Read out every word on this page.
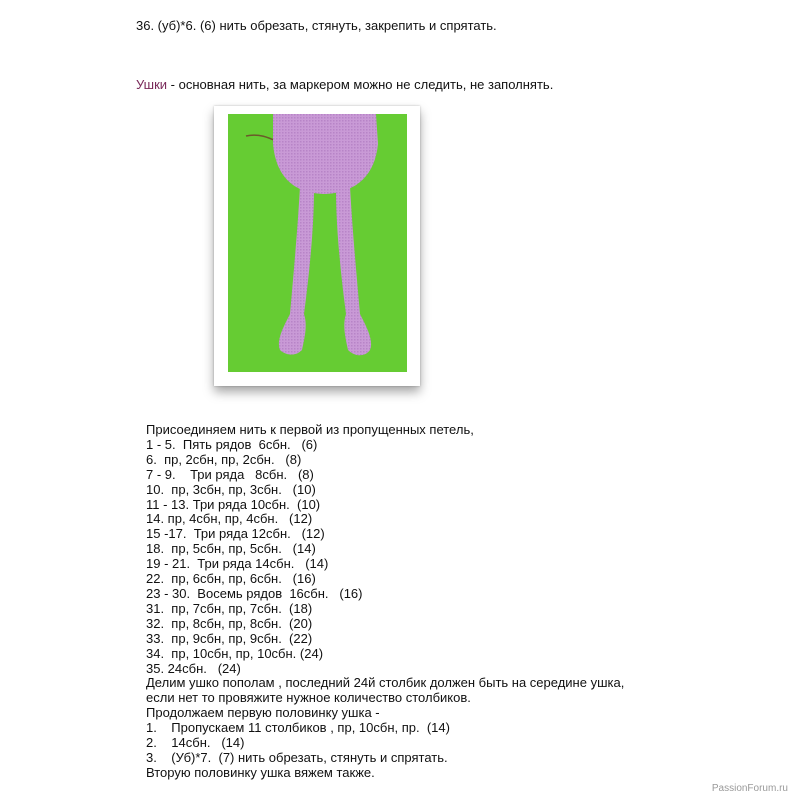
36. (уб)*6. (6) нить обрезать, стянуть, закрепить и спрятать.
Ушки - основная нить, за маркером можно не следить, не заполнять.
Присоединяем нить к первой из пропущенных петель,
1 - 5.  Пять рядов  6сбн.   (6)
6.  пр, 2сбн, пр, 2сбн.   (8)
7 - 9.    Три ряда   8сбн.   (8)
10.  пр, 3сбн, пр, 3сбн.   (10)
11 - 13. Три ряда 10сбн.  (10)
14. пр, 4сбн, пр, 4сбн.   (12)
15 -17.  Три ряда 12сбн.   (12)
18.  пр, 5сбн, пр, 5сбн.   (14)
19 - 21.  Три ряда 14сбн.   (14)
22.  пр, 6сбн, пр, 6сбн.   (16)
23 - 30.  Восемь рядов  16сбн.   (16)
31.  пр, 7сбн, пр, 7сбн.  (18)
32.  пр, 8сбн, пр, 8сбн.  (20)
33.  пр, 9сбн, пр, 9сбн.  (22)
34.  пр, 10сбн, пр, 10сбн. (24)
35. 24сбн.   (24)
Делим ушко пополам , последний 24й столбик должен быть на середине ушка,
если нет то провяжите нужное количество столбиков.
Продолжаем первую половинку ушка -
1.    Пропускаем 11 столбиков , пр, 10сбн, пр.  (14)
2.    14сбн.   (14)
3.    (Уб)*7.  (7) нить обрезать, стянуть и спрятать.
Вторую половинку ушка вяжем также.
PassionForum.ru
